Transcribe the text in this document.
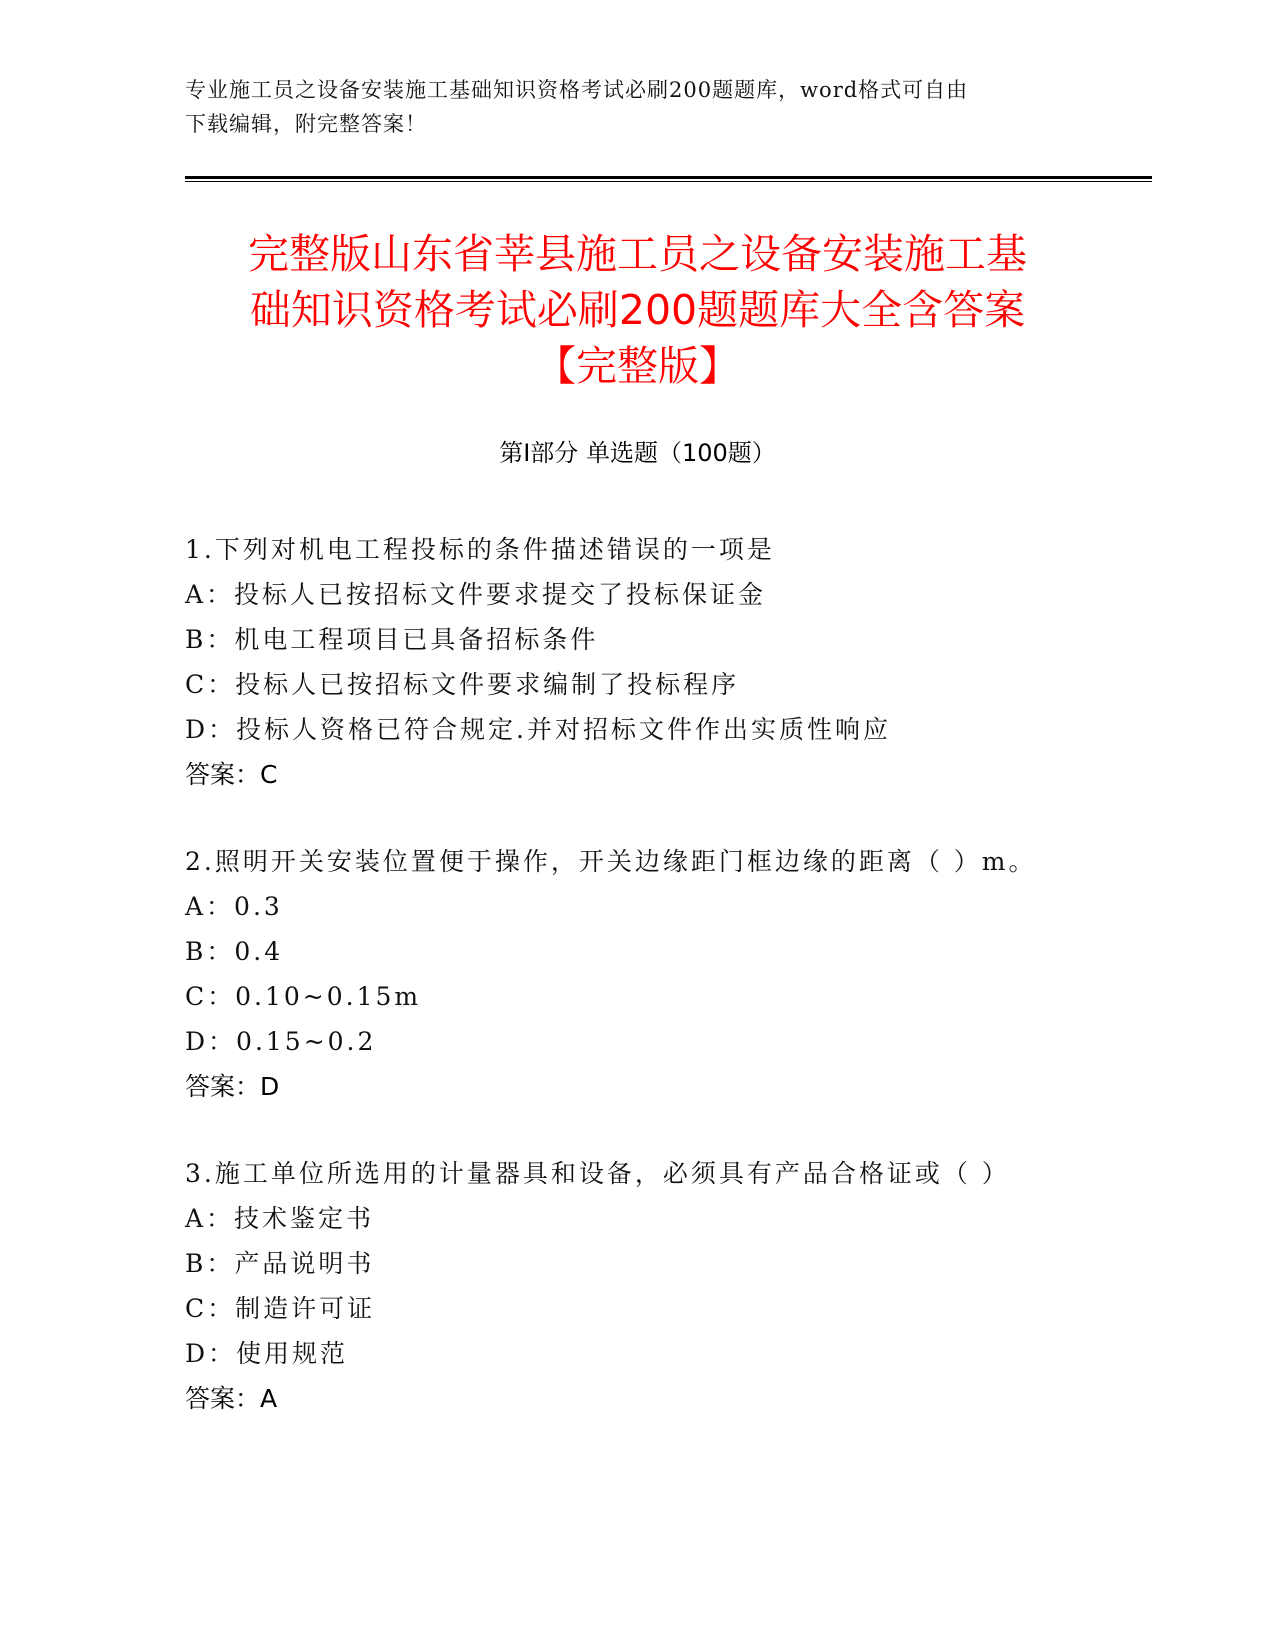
专业施工员之设备安装施工基础知识资格考试必刷200题题库，word格式可自由
下载编辑，附完整答案！
完整版山东省莘县施工员之设备安装施工基
础知识资格考试必刷200题题库大全含答案
【完整版】
第Ⅰ部分 单选题（100题）
1.下列对机电工程投标的条件描述错误的一项是
A：投标人已按招标文件要求提交了投标保证金
B：机电工程项目已具备招标条件
C：投标人已按招标文件要求编制了投标程序
D：投标人资格已符合规定.并对招标文件作出实质性响应
答案：C
2.照明开关安装位置便于操作，开关边缘距门框边缘的距离（ ）m。
A：0.3
B：0.4
C：0.10~0.15m
D：0.15~0.2
答案：D
3.施工单位所选用的计量器具和设备，必须具有产品合格证或（ ）
A：技术鉴定书
B：产品说明书
C：制造许可证
D：使用规范
答案：A
